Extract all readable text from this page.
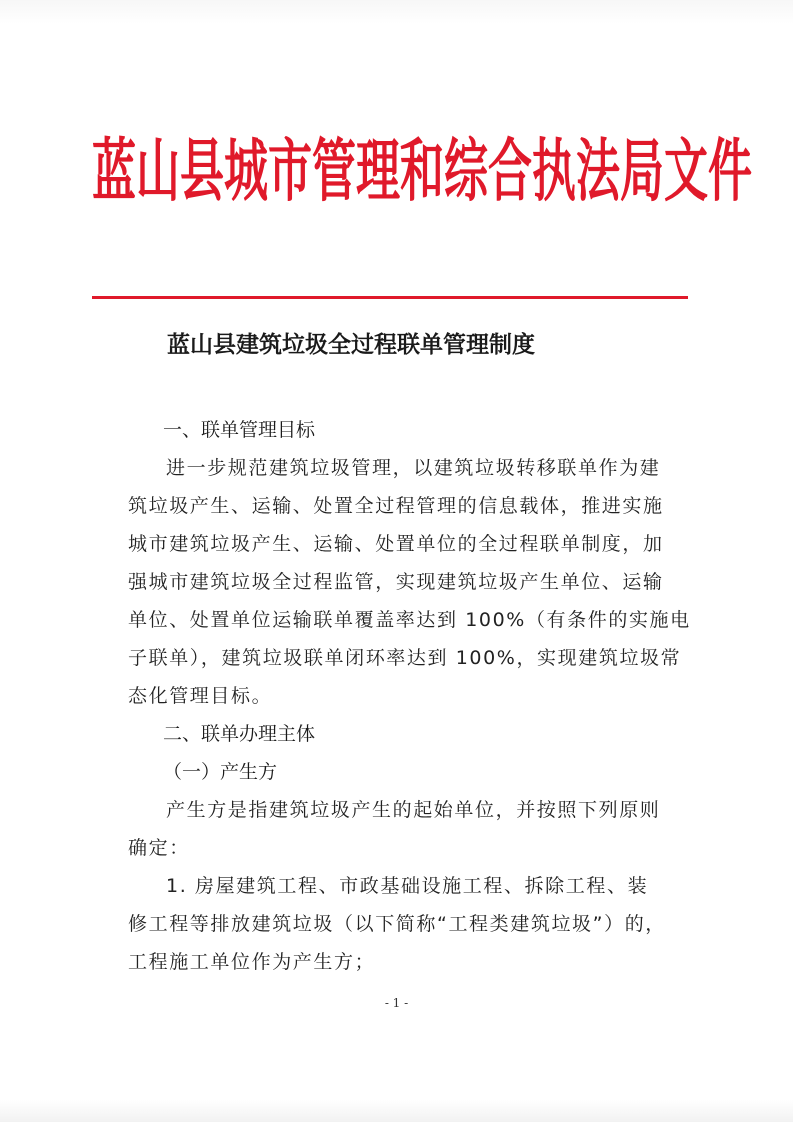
蓝山县城市管理和综合执法局文件
蓝山县建筑垃圾全过程联单管理制度
一、联单管理目标
进一步规范建筑垃圾管理，以建筑垃圾转移联单作为建
筑垃圾产生、运输、处置全过程管理的信息载体，推进实施
城市建筑垃圾产生、运输、处置单位的全过程联单制度，加
强城市建筑垃圾全过程监管，实现建筑垃圾产生单位、运输
单位、处置单位运输联单覆盖率达到 100%（有条件的实施电
子联单），建筑垃圾联单闭环率达到 100%，实现建筑垃圾常
态化管理目标。
二、联单办理主体
（一）产生方
产生方是指建筑垃圾产生的起始单位，并按照下列原则
确定：
1. 房屋建筑工程、市政基础设施工程、拆除工程、装
修工程等排放建筑垃圾（以下简称“工程类建筑垃圾”）的，
工程施工单位作为产生方；
- 1 -
